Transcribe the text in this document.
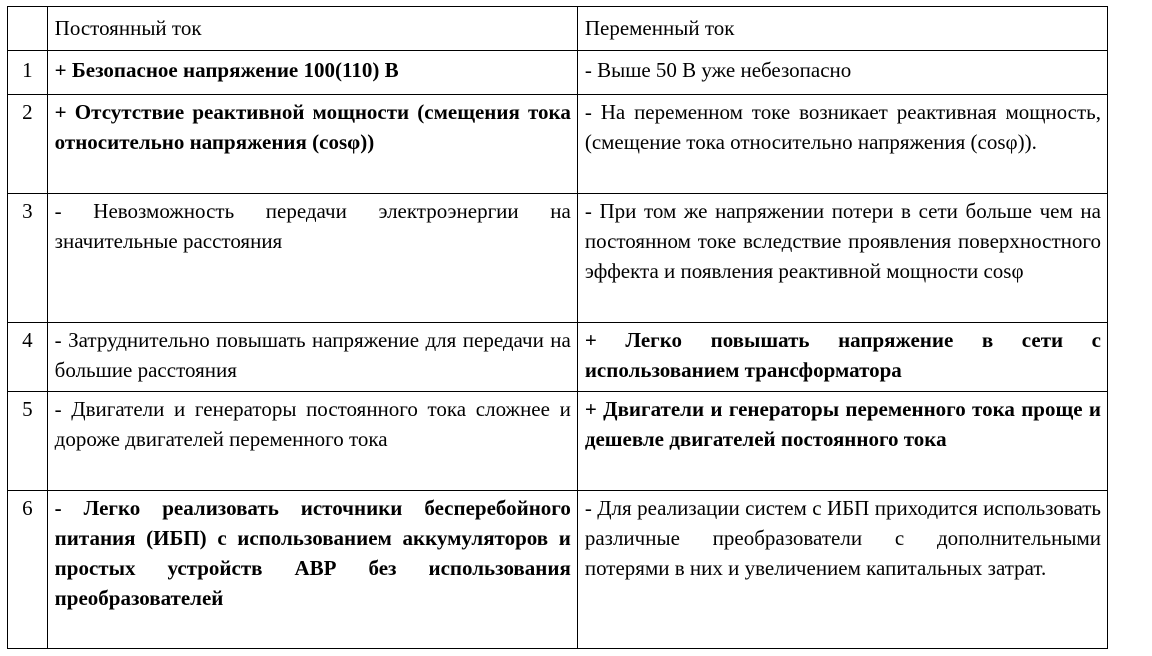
	Постоянный ток	Переменный ток
1	+ Безопасное напряжение 100(110) В	- Выше 50 В уже небезопасно
2	+ Отсутствие реактивной мощности (смещения тока относительно напряжения (cosφ))	- На переменном токе возникает реактивная мощность, (смещение тока относительно напряжения (cosφ)).
3	- Невозможность передачи электроэнергии на значительные расстояния	- При том же напряжении потери в сети больше чем на постоянном токе вследствие проявления поверхностного эффекта и появления реактивной мощности cosφ
4	- Затруднительно повышать напряжение для передачи на большие расстояния	+ Легко повышать напряжение в сети с использованием трансформатора
5	- Двигатели и генераторы постоянного тока сложнее и дороже двигателей переменного тока	+ Двигатели и генераторы переменного тока проще и дешевле двигателей постоянного тока
6	- Легко реализовать источники бесперебойного питания (ИБП) с использованием аккумуляторов и простых устройств АВР без использования преобразователей	- Для реализации систем с ИБП приходится использовать различные преобразователи с дополнительными потерями в них и увеличением капитальных затрат.
